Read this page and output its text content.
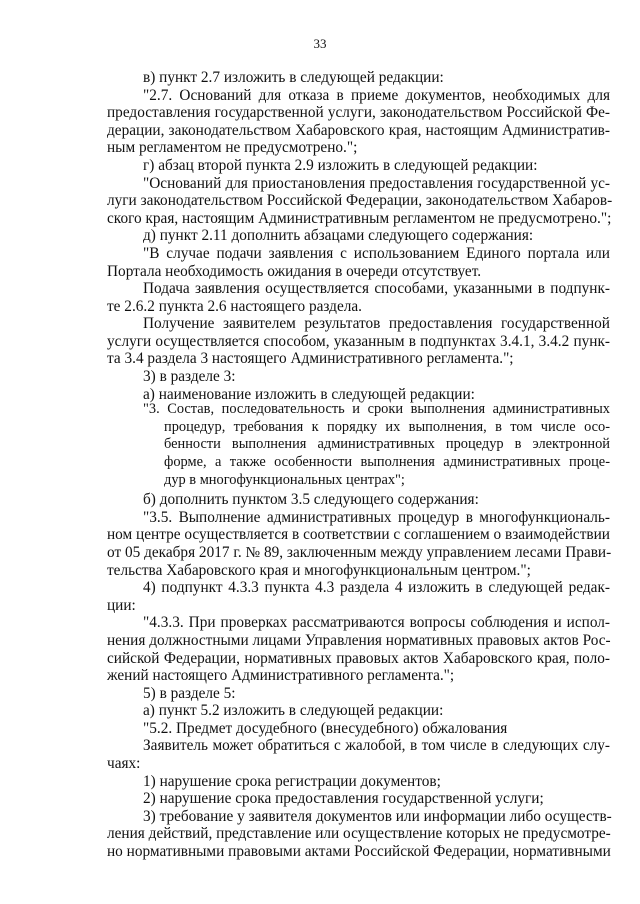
33
в) пункт 2.7 изложить в следующей редакции:
"2.7. Оснований для отказа в приеме документов, необходимых для
предоставления государственной услуги, законодательством Российской Фе-
дерации, законодательством Хабаровского края, настоящим Административ-
ным регламентом не предусмотрено.";
г) абзац второй пункта 2.9 изложить в следующей редакции:
"Оснований для приостановления предоставления государственной ус-
луги законодательством Российской Федерации, законодательством Хабаров-
ского края, настоящим Административным регламентом не предусмотрено.";
д) пункт 2.11 дополнить абзацами следующего содержания:
"В случае подачи заявления с использованием Единого портала или
Портала необходимость ожидания в очереди отсутствует.
Подача заявления осуществляется способами, указанными в подпунк-
те 2.6.2 пункта 2.6 настоящего раздела.
Получение заявителем результатов предоставления государственной
услуги осуществляется способом, указанным в подпунктах 3.4.1, 3.4.2 пунк-
та 3.4 раздела 3 настоящего Административного регламента.";
3) в разделе 3:
а) наименование изложить в следующей редакции:
"3. Состав, последовательность и сроки выполнения административных
процедур, требования к порядку их выполнения, в том числе осо-
бенности выполнения административных процедур в электронной
форме, а также особенности выполнения административных проце-
дур в многофункциональных центрах";
б) дополнить пунктом 3.5 следующего содержания:
"3.5. Выполнение административных процедур в многофункциональ-
ном центре осуществляется в соответствии с соглашением о взаимодействии
от 05 декабря 2017 г. № 89, заключенным между управлением лесами Прави-
тельства Хабаровского края и многофункциональным центром.";
4) подпункт 4.3.3 пункта 4.3 раздела 4 изложить в следующей редак-
ции:
"4.3.3. При проверках рассматриваются вопросы соблюдения и испол-
нения должностными лицами Управления нормативных правовых актов Рос-
сийской Федерации, нормативных правовых актов Хабаровского края, поло-
жений настоящего Административного регламента.";
5) в разделе 5:
а) пункт 5.2 изложить в следующей редакции:
"5.2. Предмет досудебного (внесудебного) обжалования
Заявитель может обратиться с жалобой, в том числе в следующих слу-
чаях:
1) нарушение срока регистрации документов;
2) нарушение срока предоставления государственной услуги;
3) требование у заявителя документов или информации либо осуществ-
ления действий, представление или осуществление которых не предусмотре-
но нормативными правовыми актами Российской Федерации, нормативными
